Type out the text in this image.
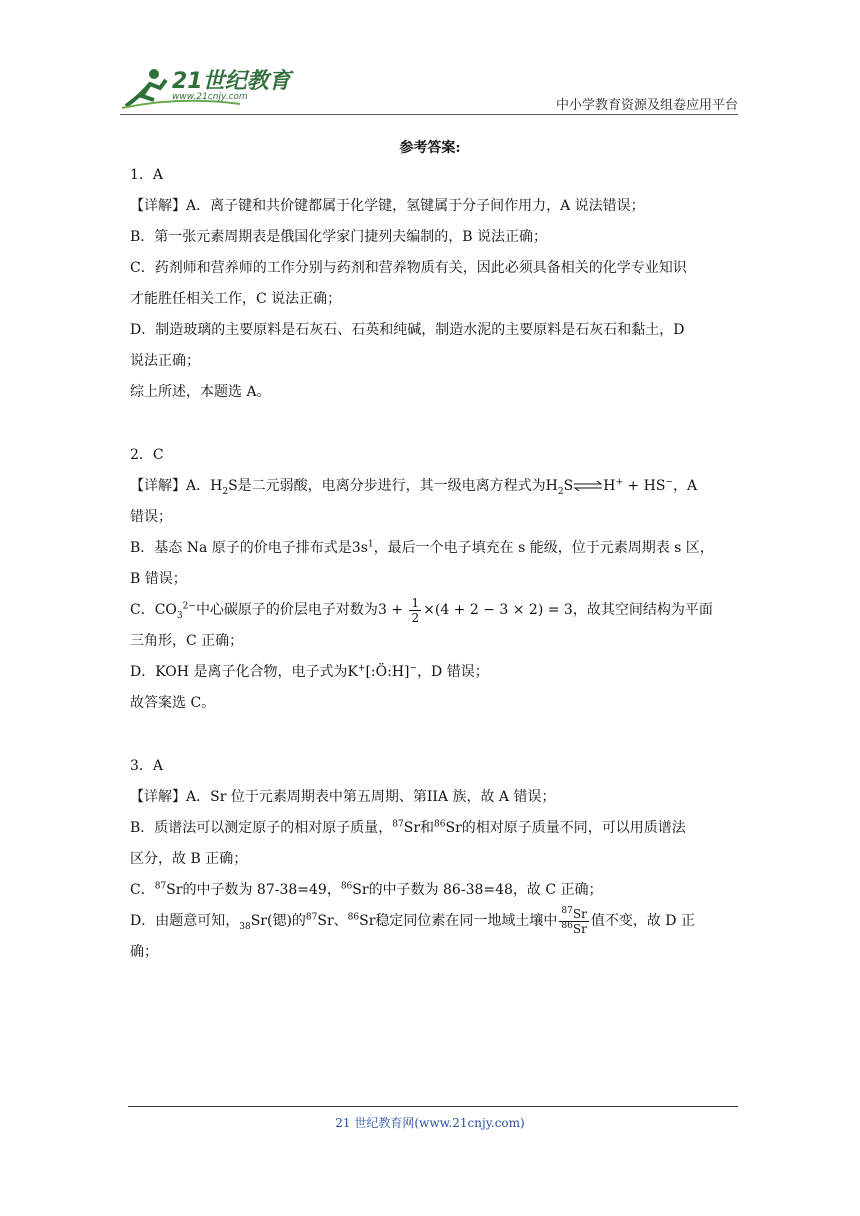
21世纪教育
www.21cnjy.com
中小学教育资源及组卷应用平台
参考答案:

1．A

【详解】A．离子键和共价键都属于化学键，氢键属于分子间作用力，A 说法错误；

B．第一张元素周期表是俄国化学家门捷列夫编制的，B 说法正确；

C．药剂师和营养师的工作分别与药剂和营养物质有关，因此必须具备相关的化学专业知识

才能胜任相关工作，C 说法正确；

D．制造玻璃的主要原料是石灰石、石英和纯碱，制造水泥的主要原料是石灰石和黏土，D

说法正确；

综上所述，本题选 A。

2．C

【详解】A．$H_2S$是二元弱酸，电离分步进行，其一级电离方程式为$H_2S\rightleftharpoons H^+ + HS^-$，A

错误；

B．基态 Na 原子的价电子排布式是$3s^1$，最后一个电子填充在 s 能级，位于元素周期表 s 区，

B 错误；

C．$CO_3^{2-}$中心碳原子的价层电子对数为$3 + \frac{1}{2} \times(4 + 2 - 3 \times 2) = 3$，故其空间结构为平面

三角形，C 正确；

D．KOH 是离子化合物，电子式为K+[:Ö:H]−，D 错误；

故答案选 C。

3．A

【详解】A．Sr 位于元素周期表中第五周期、第IIA 族，故 A 错误；

B．质谱法可以测定原子的相对原子质量，$^{87}$Sr和$^{86}$Sr的相对原子质量不同，可以用质谱法

区分，故 B 正确；

C．$^{87}$Sr的中子数为 87-38=49，$^{86}$Sr的中子数为 86-38=48，故 C 正确；

D．由题意可知，$_{38}$Sr(锶)的$^{87}$Sr、$^{86}$Sr稳定同位素在同一地域土壤中 $\frac{^{87}Sr}{^{86}Sr}$ 值不变，故 D 正

确；

21 世纪教育网(www.21cnjy.com)
